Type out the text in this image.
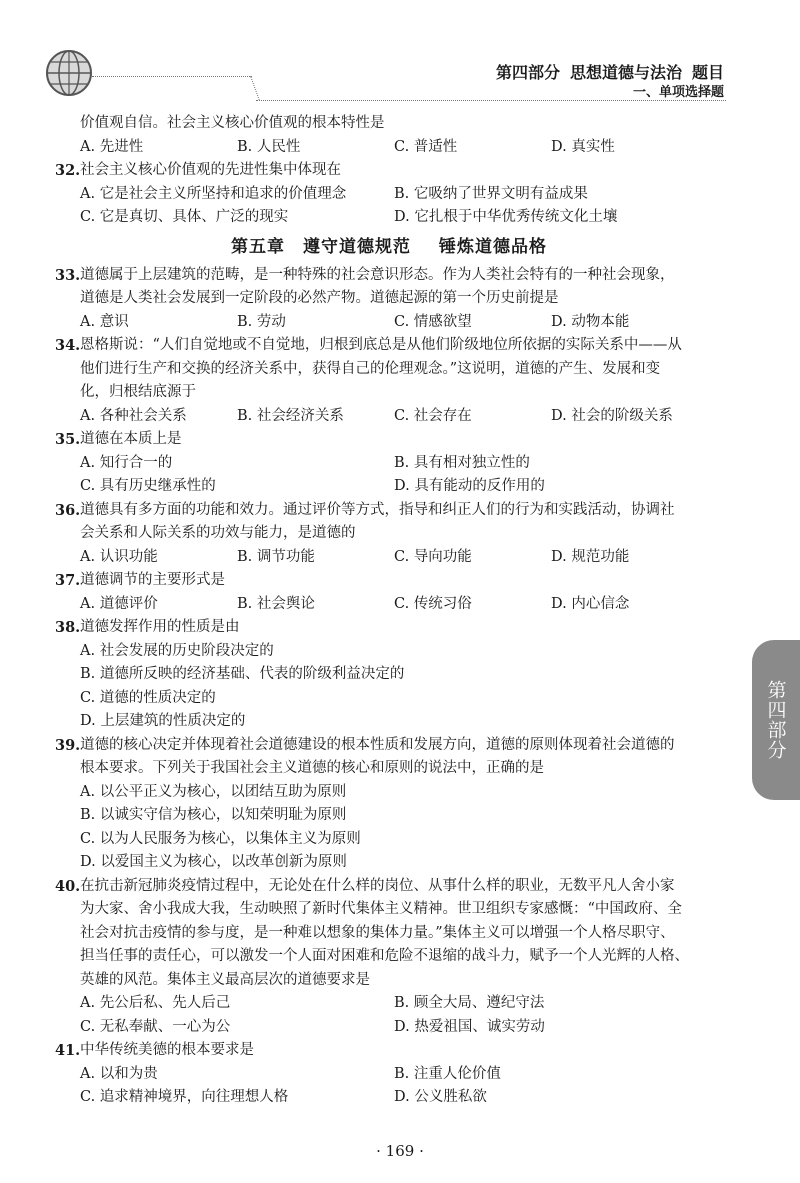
第四部分 思想道德与法治 题目
一、单项选择题
价值观自信。社会主义核心价值观的根本特性是
A. 先进性	B. 人民性	C. 普适性	D. 真实性
32. 社会主义核心价值观的先进性集中体现在
A. 它是社会主义所坚持和追求的价值理念	B. 它吸纳了世界文明有益成果
C. 它是真切、具体、广泛的现实	D. 它扎根于中华优秀传统文化土壤
第五章　遵守道德规范 锤炼道德品格
33. 道德属于上层建筑的范畴，是一种特殊的社会意识形态。作为人类社会特有的一种社会现象，
道德是人类社会发展到一定阶段的必然产物。道德起源的第一个历史前提是
A. 意识	B. 劳动	C. 情感欲望	D. 动物本能
34. 恩格斯说：“人们自觉地或不自觉地，归根到底总是从他们阶级地位所依据的实际关系中——从
他们进行生产和交换的经济关系中，获得自己的伦理观念。”这说明，道德的产生、发展和变
化，归根结底源于
A. 各种社会关系	B. 社会经济关系	C. 社会存在	D. 社会的阶级关系
35. 道德在本质上是
A. 知行合一的	B. 具有相对独立性的
C. 具有历史继承性的	D. 具有能动的反作用的
36. 道德具有多方面的功能和效力。通过评价等方式，指导和纠正人们的行为和实践活动，协调社
会关系和人际关系的功效与能力，是道德的
A. 认识功能	B. 调节功能	C. 导向功能	D. 规范功能
37. 道德调节的主要形式是
A. 道德评价	B. 社会舆论	C. 传统习俗	D. 内心信念
38. 道德发挥作用的性质是由
A. 社会发展的历史阶段决定的
B. 道德所反映的经济基础、代表的阶级利益决定的
C. 道德的性质决定的
D. 上层建筑的性质决定的
39. 道德的核心决定并体现着社会道德建设的根本性质和发展方向，道德的原则体现着社会道德的
根本要求。下列关于我国社会主义道德的核心和原则的说法中，正确的是
A. 以公平正义为核心，以团结互助为原则
B. 以诚实守信为核心，以知荣明耻为原则
C. 以为人民服务为核心，以集体主义为原则
D. 以爱国主义为核心，以改革创新为原则
40. 在抗击新冠肺炎疫情过程中，无论处在什么样的岗位、从事什么样的职业，无数平凡人舍小家
为大家、舍小我成大我，生动映照了新时代集体主义精神。世卫组织专家感慨：“中国政府、全
社会对抗击疫情的参与度，是一种难以想象的集体力量。”集体主义可以增强一个人格尽职守、
担当任事的责任心，可以激发一个人面对困难和危险不退缩的战斗力，赋予一个人光辉的人格、
英雄的风范。集体主义最高层次的道德要求是
A. 先公后私、先人后己	B. 顾全大局、遵纪守法
C. 无私奉献、一心为公	D. 热爱祖国、诚实劳动
41. 中华传统美德的根本要求是
A. 以和为贵	B. 注重人伦价值
C. 追求精神境界，向往理想人格	D. 公义胜私欲
第四部分
· 169 ·
